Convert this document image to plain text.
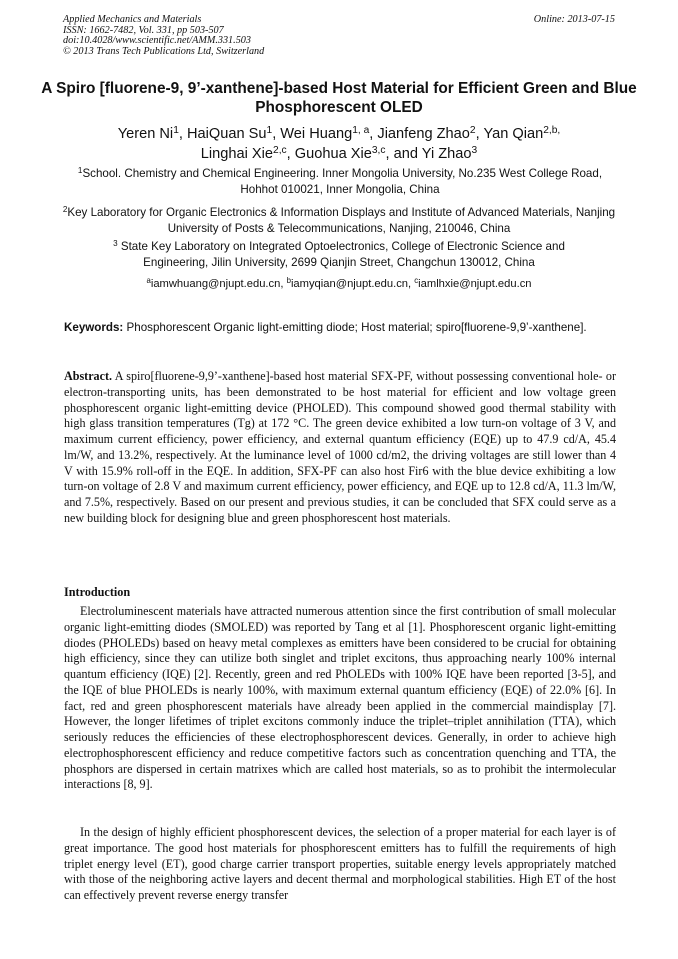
Applied Mechanics and Materials
ISSN: 1662-7482, Vol. 331, pp 503-507
doi:10.4028/www.scientific.net/AMM.331.503
© 2013 Trans Tech Publications Ltd, Switzerland
Online: 2013-07-15
A Spiro [fluorene-9, 9’-xanthene]-based Host Material for Efficient Green and Blue Phosphorescent OLED
Yeren Ni$^1$, HaiQuan Su$^1$, Wei Huang$^{1, a}$, Jianfeng Zhao$^2$, Yan Qian$^{2,b,}$
Linghai Xie$^{2,c}$, Guohua Xie$^{3,c}$, and Yi Zhao$^3$
$^1$School. Chemistry and Chemical Engineering. Inner Mongolia University, No.235 West College Road, Hohhot 010021, Inner Mongolia, China
$^2$Key Laboratory for Organic Electronics & Information Displays and Institute of Advanced Materials, Nanjing University of Posts & Telecommunications, Nanjing, 210046, China
$^3$ State Key Laboratory on Integrated Optoelectronics, College of Electronic Science and Engineering, Jilin University, 2699 Qianjin Street, Changchun 130012, China
$^a$iamwhuang@njupt.edu.cn, $^b$iamyqian@njupt.edu.cn, $^c$iamlhxie@njupt.edu.cn
Keywords: Phosphorescent Organic light-emitting diode; Host material; spiro[fluorene-9,9’-xanthene].
Abstract. A spiro[fluorene-9,9’-xanthene]-based host material SFX-PF, without possessing conventional hole- or electron-transporting units, has been demonstrated to be host material for efficient and low voltage green phosphorescent organic light-emitting device (PHOLED). This compound showed good thermal stability with high glass transition temperatures (Tg) at 172 °C. The green device exhibited a low turn-on voltage of 3 V, and maximum current efficiency, power efficiency, and external quantum efficiency (EQE) up to 47.9 cd/A, 45.4 lm/W, and 13.2%, respectively. At the luminance level of 1000 cd/m2, the driving voltages are still lower than 4 V with 15.9% roll-off in the EQE. In addition, SFX-PF can also host Fir6 with the blue device exhibiting a low turn-on voltage of 2.8 V and maximum current efficiency, power efficiency, and EQE up to 12.8 cd/A, 11.3 lm/W, and 7.5%, respectively. Based on our present and previous studies, it can be concluded that SFX could serve as a new building block for designing blue and green phosphorescent host materials.
Introduction
Electroluminescent materials have attracted numerous attention since the first contribution of small molecular organic light-emitting diodes (SMOLED) was reported by Tang et al [1]. Phosphorescent organic light-emitting diodes (PHOLEDs) based on heavy metal complexes as emitters have been considered to be crucial for obtaining high efficiency, since they can utilize both singlet and triplet excitons, thus approaching nearly 100% internal quantum efficiency (IQE) [2]. Recently, green and red PhOLEDs with 100% IQE have been reported [3-5], and the IQE of blue PHOLEDs is nearly 100%, with maximum external quantum efficiency (EQE) of 22.0% [6]. In fact, red and green phosphorescent materials have already been applied in the commercial maindisplay [7]. However, the longer lifetimes of triplet excitons commonly induce the triplet–triplet annihilation (TTA), which seriously reduces the efficiencies of these electrophosphorescent devices. Generally, in order to achieve high electrophosphorescent efficiency and reduce competitive factors such as concentration quenching and TTA, the phosphors are dispersed in certain matrixes which are called host materials, so as to prohibit the intermolecular interactions [8, 9].
In the design of highly efficient phosphorescent devices, the selection of a proper material for each layer is of great importance. The good host materials for phosphorescent emitters has to fulfill the requirements of high triplet energy level (ET), good charge carrier transport properties, suitable energy levels appropriately matched with those of the neighboring active layers and decent thermal and morphological stabilities. High ET of the host can effectively prevent reverse energy transfer
